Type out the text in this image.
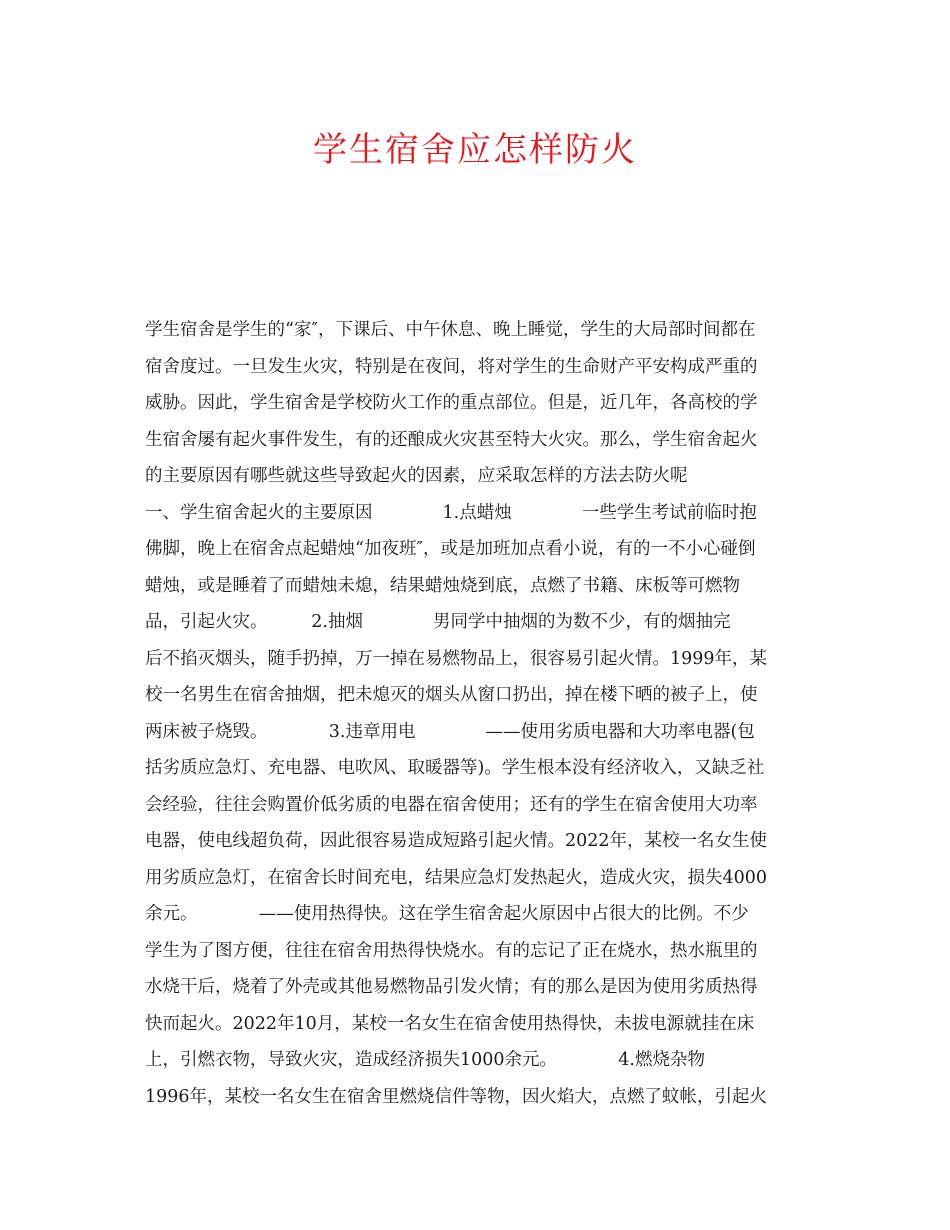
学生宿舍应怎样防火
学生宿舍是学生的“家″，下课后、中午休息、晚上睡觉，学生的大局部时间都在
宿舍度过。一旦发生火灾，特别是在夜间，将对学生的生命财产平安构成严重的
威胁。因此，学生宿舍是学校防火工作的重点部位。但是，近几年，各高校的学
生宿舍屡有起火事件发生，有的还酿成火灾甚至特大火灾。那么，学生宿舍起火
的主要原因有哪些就这些导致起火的因素，应采取怎样的方法去防火呢
一、学生宿舍起火的主要原因　　　　1.点蜡烛　　　　一些学生考试前临时抱
佛脚，晚上在宿舍点起蜡烛“加夜班″，或是加班加点看小说，有的一不小心碰倒
蜡烛，或是睡着了而蜡烛未熄，结果蜡烛烧到底，点燃了书籍、床板等可燃物
品，引起火灾。　　　2.抽烟　　　　男同学中抽烟的为数不少，有的烟抽完
后不掐灭烟头，随手扔掉，万一掉在易燃物品上，很容易引起火情。1999年，某
校一名男生在宿舍抽烟，把未熄灭的烟头从窗口扔出，掉在楼下晒的被子上，使
两床被子烧毁。　　　　3.违章用电　　　　——使用劣质电器和大功率电器(包
括劣质应急灯、充电器、电吹风、取暖器等)。学生根本没有经济收入，又缺乏社
会经验，往往会购置价低劣质的电器在宿舍使用；还有的学生在宿舍使用大功率
电器，使电线超负荷，因此很容易造成短路引起火情。2022年，某校一名女生使
用劣质应急灯，在宿舍长时间充电，结果应急灯发热起火，造成火灾，损失4000
余元。　　　　——使用热得快。这在学生宿舍起火原因中占很大的比例。不少
学生为了图方便，往往在宿舍用热得快烧水。有的忘记了正在烧水，热水瓶里的
水烧干后，烧着了外壳或其他易燃物品引发火情；有的那么是因为使用劣质热得
快而起火。2022年10月，某校一名女生在宿舍使用热得快，未拔电源就挂在床
上，引燃衣物，导致火灾，造成经济损失1000余元。　　　　4.燃烧杂物
1996年，某校一名女生在宿舍里燃烧信件等物，因火焰大，点燃了蚊帐，引起火
